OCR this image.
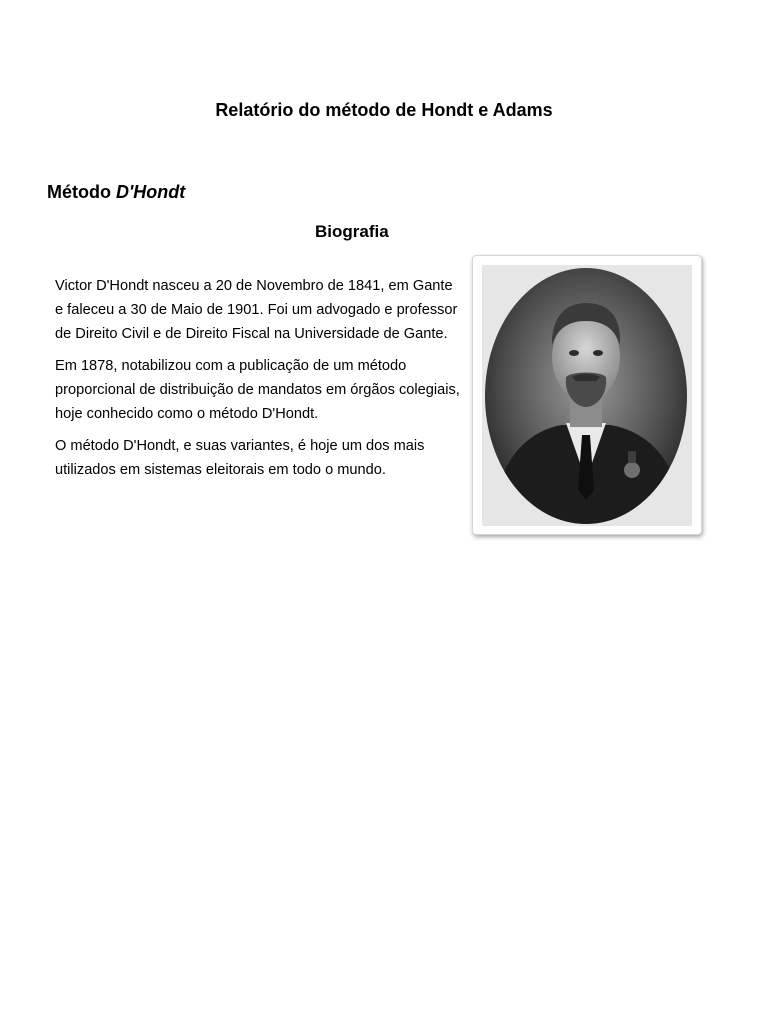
Relatório do método de Hondt e Adams
Método D'Hondt
Biografia

Victor D'Hondt nasceu a 20 de Novembro de 1841, em Gante e faleceu a 30 de Maio de 1901. Foi um advogado e professor de Direito Civil e de Direito Fiscal na Universidade de Gante.

Em 1878, notabilizou com a publicação de um método proporcional de distribuição de mandatos em órgãos colegiais, hoje conhecido como o método D'Hondt.

O método D'Hondt, e suas variantes, é hoje um dos mais utilizados em sistemas eleitorais em todo o mundo.
